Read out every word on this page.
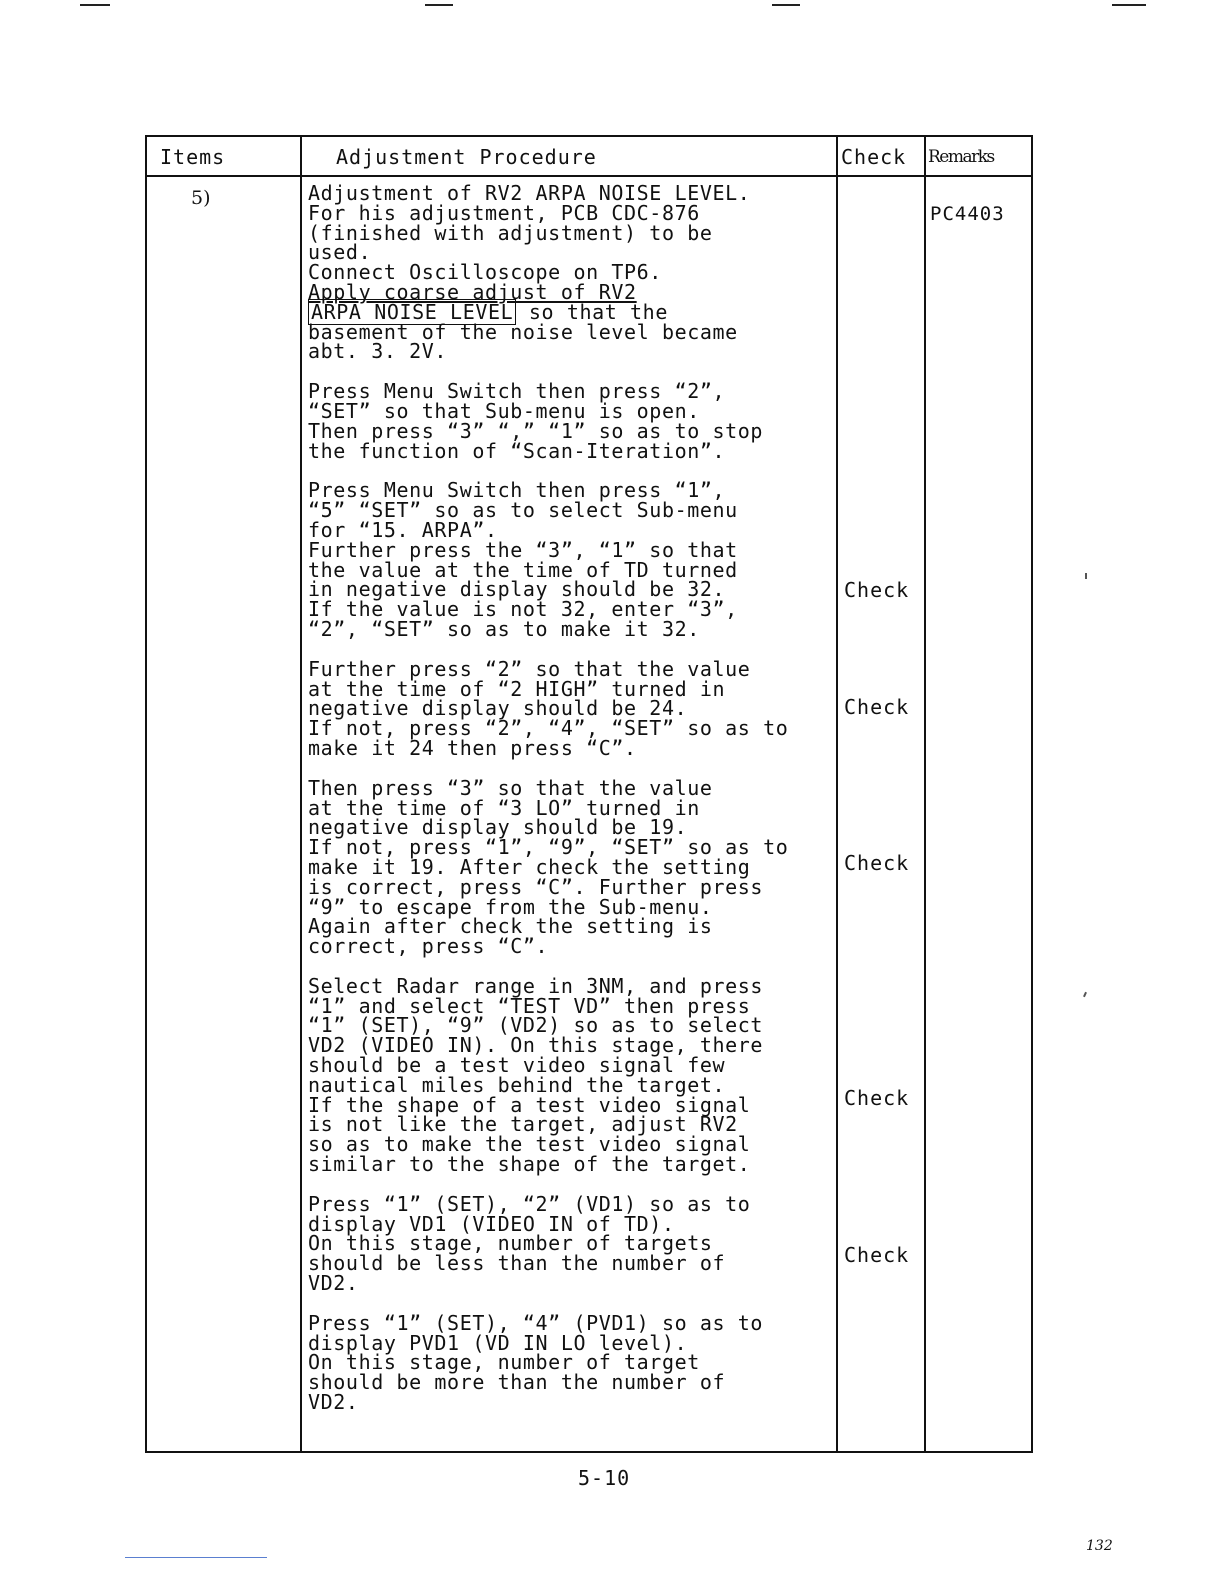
Items	Adjustment Procedure	Check Remarks
5)
PC4403
Adjustment of RV2 ARPA NOISE LEVEL.
For his adjustment, PCB CDC-876
(finished with adjustment) to be
used.
Connect Oscilloscope on TP6.
Apply coarse adjust of RV2
ARPA NOISE LEVEL so that the
basement of the noise level became
abt. 3. 2V.
Press Menu Switch then press “2”,
“SET” so that Sub-menu is open.
Then press “3” “,” “1” so as to stop
the function of “Scan-Iteration”.
Press Menu Switch then press “1”,
“5” “SET” so as to select Sub-menu
for “15. ARPA”.
Further press the “3”, “1” so that
the value at the time of TD turned
in negative display should be 32.
If the value is not 32, enter “3”,
“2”, “SET” so as to make it 32.
Further press “2” so that the value
at the time of “2 HIGH” turned in
negative display should be 24.
If not, press “2”, “4”, “SET” so as to
make it 24 then press “C”.
Then press “3” so that the value
at the time of “3 LO” turned in
negative display should be 19.
If not, press “1”, “9”, “SET” so as to
make it 19. After check the setting
is correct, press “C”. Further press
“9” to escape from the Sub-menu.
Again after check the setting is
correct, press “C”.
Select Radar range in 3NM, and press
“1” and select “TEST VD” then press
“1” (SET), “9” (VD2) so as to select
VD2 (VIDEO IN). On this stage, there
should be a test video signal few
nautical miles behind the target.
If the shape of a test video signal
is not like the target, adjust RV2
so as to make the test video signal
similar to the shape of the target.
Press “1” (SET), “2” (VD1) so as to
display VD1 (VIDEO IN of TD).
On this stage, number of targets
should be less than the number of
VD2.
Press “1” (SET), “4” (PVD1) so as to
display PVD1 (VD IN LO level).
On this stage, number of target
should be more than the number of
VD2.
Check
Check
Check
Check
Check
5-10
132
